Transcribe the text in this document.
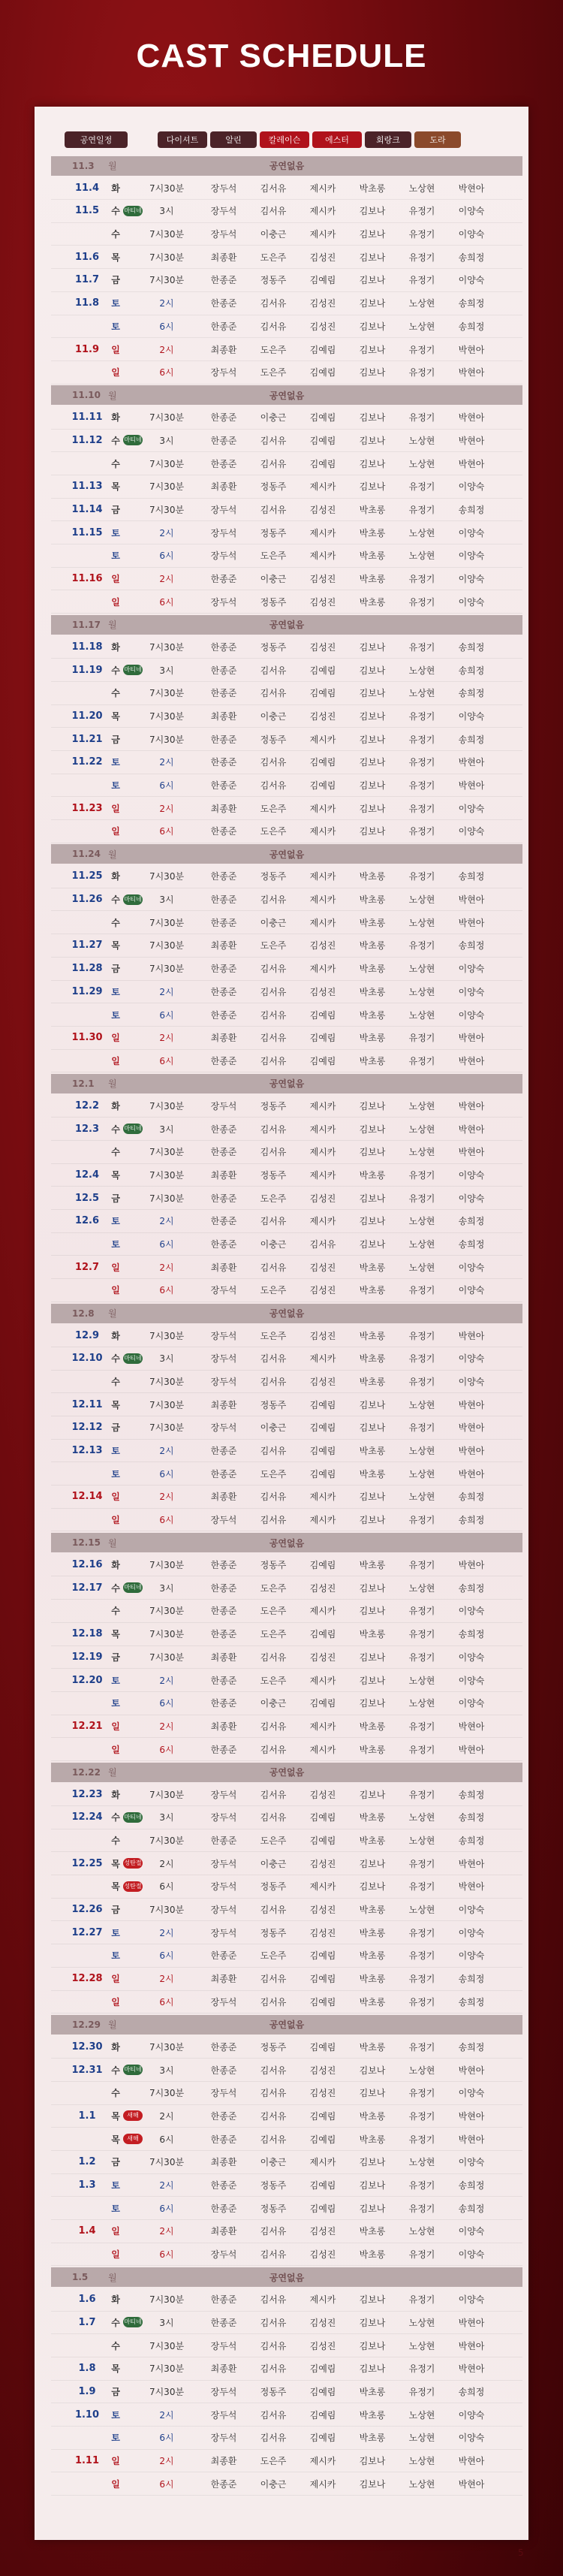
CAST SCHEDULE
공연일정	다이셔트	알린	칼레이슨	에스터	회랑크	도라
11.3 월	공연없음
11.4	화	7시30분	장두석	김서유	제시카	박초롱	노상현	박현아
11.5	수 마티네	3시	장두석	김서유	제시카	김보나	유정기	이양숙
수	7시30분	장두석	이충근	제시카	김보나	유정기	이양숙
11.6	목	7시30분	최종환	도은주	김성진	김보나	유정기	송희정
11.7	금	7시30분	한종준	정동주	김예림	김보나	유정기	이양숙
11.8	토	2시	한종준	김서유	김성진	김보나	노상현	송희정
토	6시	한종준	김서유	김성진	김보나	노상현	송희정
11.9	일	2시	최종환	도은주	김예림	김보나	유정기	박현아
일	6시	장두석	도은주	김예림	김보나	유정기	박현아
11.10 월	공연없음
11.11 화	7시30분	한종준	이충근	김예림	김보나	유정기	박현아
11.12 수 마티네	3시	한종준	김서유	김예림	김보나	노상현	박현아
수	7시30분	한종준	김서유	김예림	김보나	노상현	박현아
11.13 목	7시30분	최종환	정동주	제시카	김보나	유정기	이양숙
11.14 금	7시30분	장두석	김서유	김성진	박초롱	유정기	송희정
11.15 토	2시	장두석	정동주	제시카	박초롱	노상현	이양숙
토	6시	장두석	도은주	제시카	박초롱	노상현	이양숙
11.16 일	2시	한종준	이충근	김성진	박초롱	유정기	이양숙
일	6시	장두석	정동주	김성진	박초롱	유정기	이양숙
11.17 월	공연없음
11.18 화	7시30분	한종준	정동주	김성진	김보나	유정기	송희정
11.19 수 마티네	3시	한종준	김서유	김예림	김보나	노상현	송희정
수	7시30분	한종준	김서유	김예림	김보나	노상현	송희정
11.20 목	7시30분	최종환	이충근	김성진	김보나	유정기	이양숙
11.21 금	7시30분	한종준	정동주	제시카	김보나	유정기	송희정
11.22 토	2시	한종준	김서유	김예림	김보나	유정기	박현아
토	6시	한종준	김서유	김예림	김보나	유정기	박현아
11.23 일	2시	최종환	도은주	제시카	김보나	유정기	이양숙
일	6시	한종준	도은주	제시카	김보나	유정기	이양숙
11.24 월	공연없음
11.25 화	7시30분	한종준	정동주	제시카	박초롱	유정기	송희정
11.26 수 마티네	3시	한종준	김서유	제시카	박초롱	노상현	박현아
수	7시30분	한종준	이충근	제시카	박초롱	노상현	박현아
11.27 목	7시30분	최종환	도은주	김성진	박초롱	유정기	송희정
11.28 금	7시30분	한종준	김서유	제시카	박초롱	노상현	이양숙
11.29 토	2시	한종준	김서유	김성진	박초롱	노상현	이양숙
토	6시	한종준	김서유	김예림	박초롱	노상현	이양숙
11.30 일	2시	최종환	김서유	김예림	박초롱	유정기	박현아
일	6시	한종준	김서유	김예림	박초롱	유정기	박현아
12.1 월	공연없음
12.2	화	7시30분	장두석	정동주	제시카	김보나	노상현	박현아
12.3	수 마티네	3시	한종준	김서유	제시카	김보나	노상현	박현아
수	7시30분	한종준	김서유	제시카	김보나	노상현	박현아
12.4	목	7시30분	최종환	정동주	제시카	박초롱	유정기	이양숙
12.5	금	7시30분	한종준	도은주	김성진	김보나	유정기	이양숙
12.6	토	2시	한종준	김서유	제시카	김보나	노상현	송희정
토	6시	한종준	이충근	김서유	김보나	노상현	송희정
12.7	일	2시	최종환	김서유	김성진	박초롱	노상현	이양숙
일	6시	장두석	도은주	김성진	박초롱	유정기	이양숙
12.8 월	공연없음
12.9	화	7시30분	장두석	도은주	김성진	박초롱	유정기	박현아
12.10 수 마티네	3시	장두석	김서유	제시카	박초롱	유정기	이양숙
수	7시30분	장두석	김서유	김성진	박초롱	유정기	이양숙
12.11 목	7시30분	최종환	정동주	김예림	김보나	노상현	박현아
12.12 금	7시30분	장두석	이충근	김예림	김보나	유정기	박현아
12.13 토	2시	한종준	김서유	김예림	박초롱	노상현	박현아
토	6시	한종준	도은주	김예림	박초롱	노상현	박현아
12.14 일	2시	최종환	김서유	제시카	김보나	노상현	송희정
일	6시	장두석	김서유	제시카	김보나	유정기	송희정
12.15 월	공연없음
12.16 화	7시30분	한종준	정동주	김예림	박초롱	유정기	박현아
12.17 수 마티네	3시	한종준	도은주	김성진	김보나	노상현	송희정
수	7시30분	한종준	도은주	제시카	김보나	유정기	이양숙
12.18 목	7시30분	한종준	도은주	김예림	박초롱	유정기	송희정
12.19 금	7시30분	최종환	김서유	김성진	김보나	유정기	이양숙
12.20 토	2시	한종준	도은주	제시카	김보나	노상현	이양숙
토	6시	한종준	이충근	김예림	김보나	노상현	이양숙
12.21 일	2시	최종환	김서유	제시카	박초롱	유정기	박현아
일	6시	한종준	김서유	제시카	박초롱	유정기	박현아
12.22 월	공연없음
12.23 화	7시30분	장두석	김서유	김성진	김보나	유정기	송희정
12.24 수 마티네	3시	장두석	김서유	김예림	박초롱	노상현	송희정
수	7시30분	한종준	도은주	김예림	박초롱	노상현	송희정
12.25 목 성탄절	2시	장두석	이충근	김성진	김보나	유정기	박현아
목 성탄절	6시	장두석	정동주	제시카	김보나	유정기	박현아
12.26 금	7시30분	장두석	김서유	김성진	박초롱	노상현	이양숙
12.27 토	2시	장두석	정동주	김성진	박초롱	유정기	이양숙
토	6시	한종준	도은주	김예림	박초롱	유정기	이양숙
12.28 일	2시	최종환	김서유	김예림	박초롱	유정기	송희정
일	6시	장두석	김서유	김예림	박초롱	유정기	송희정
12.29 월	공연없음
12.30 화	7시30분	한종준	정동주	김예림	박초롱	유정기	송희정
12.31 수 마티네	3시	한종준	김서유	김성진	김보나	노상현	박현아
수	7시30분	장두석	김서유	김성진	김보나	유정기	이양숙
1.1	목	새해	2시	한종준	김서유	김예림	박초롱	유정기	박현아
목	새해	6시	한종준	김서유	김예림	박초롱	유정기	박현아
1.2	금	7시30분	최종환	이충근	제시카	김보나	노상현	이양숙
1.3	토	2시	한종준	정동주	김예림	김보나	유정기	송희정
토	6시	한종준	정동주	김예림	김보나	유정기	송희정
1.4	일	2시	최종환	김서유	김성진	박초롱	노상현	이양숙
일	6시	장두석	김서유	김성진	박초롱	유정기	이양숙
1.5 월	공연없음
1.6	화	7시30분	한종준	김서유	제시카	김보나	유정기	이양숙
1.7	수 마티네	3시	한종준	김서유	김성진	김보나	노상현	박현아
수	7시30분	장두석	김서유	김성진	김보나	노상현	박현아
1.8	목	7시30분	최종환	김서유	김예림	김보나	유정기	박현아
1.9	금	7시30분	장두석	정동주	김예림	박초롱	유정기	송희정
1.10	토	2시	장두석	김서유	김예림	박초롱	노상현	이양숙
토	6시	장두석	김서유	김예림	박초롱	노상현	이양숙
1.11	일	2시	최종환	도은주	제시카	김보나	노상현	박현아
일	6시	한종준	이충근	제시카	김보나	노상현	박현아
5
